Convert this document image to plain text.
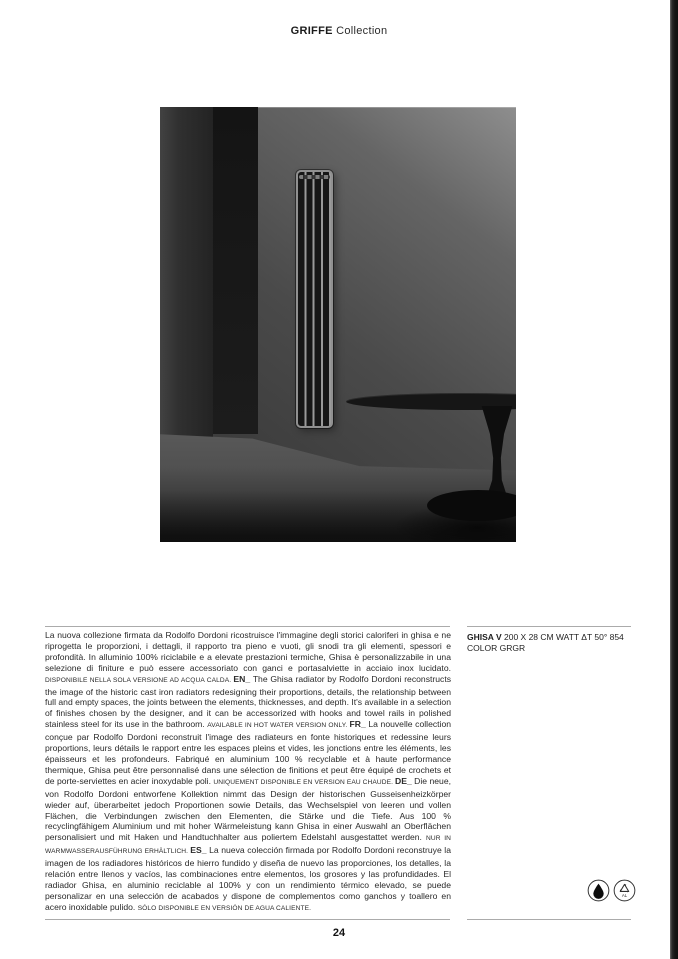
GRIFFE Collection
La nuova collezione firmata da Rodolfo Dordoni ricostruisce l'immagine degli storici caloriferi in ghisa e ne riprogetta le proporzioni, i dettagli, il rapporto tra pieno e vuoti, gli snodi tra gli elementi, spessori e profondità. In alluminio 100% riciclabile e a elevate prestazioni termiche, Ghisa è personalizzabile in una selezione di finiture e può essere accessoriato con ganci e portasalviette in acciaio inox lucidato. DISPONIBILE NELLA SOLA VERSIONE AD ACQUA CALDA. EN_ The Ghisa radiator by Rodolfo Dordoni reconstructs the image of the historic cast iron radiators redesigning their proportions, details, the relationship between full and empty spaces, the joints between the elements, thicknesses, and depth. It's available in a selection of finishes chosen by the designer, and it can be accessorized with hooks and towel rails in polished stainless steel for its use in the bathroom. AVAILABLE IN HOT WATER VERSION ONLY. FR_ La nouvelle collection conçue par Rodolfo Dordoni reconstruit l'image des radiateurs en fonte historiques et redessine leurs proportions, leurs détails le rapport entre les espaces pleins et vides, les jonctions entre les éléments, les épaisseurs et les profondeurs. Fabriqué en aluminium 100 % recyclable et à haute performance thermique, Ghisa peut être personnalisé dans une sélection de finitions et peut être équipé de crochets et de porte-serviettes en acier inoxydable poli. UNIQUEMENT DISPONIBLE EN VERSION EAU CHAUDE. DE_ Die neue, von Rodolfo Dordoni entworfene Kollektion nimmt das Design der historischen Gusseisenheizkörper wieder auf, überarbeitet jedoch Proportionen sowie Details, das Wechselspiel von leeren und vollen Flächen, die Verbindungen zwischen den Elementen, die Stärke und die Tiefe. Aus 100 % recyclingfähigem Aluminium und mit hoher Wärmeleistung kann Ghisa in einer Auswahl an Oberflächen personalisiert und mit Haken und Handtuchhalter aus poliertem Edelstahl ausgestattet werden. NUR IN WARMWASSERAUSFÜHRUNG ERHÄLTLICH. ES_ La nueva colección firmada por Rodolfo Dordoni reconstruye la imagen de los radiadores históricos de hierro fundido y diseña de nuevo las proporciones, los detalles, la relación entre llenos y vacíos, las combinaciones entre elementos, los grosores y las profundidades. El radiador Ghisa, en aluminio reciclable al 100% y con un rendimiento térmico elevado, se puede personalizar en una selección de acabados y dispone de complementos como ganchos y toallero en acero inoxidable pulido. SÓLO DISPONIBLE EN VERSIÓN DE AGUA CALIENTE.
GHISA V 200 X 28 CM WATT ΔT 50° 854
COLOR GRGR
AL
24
